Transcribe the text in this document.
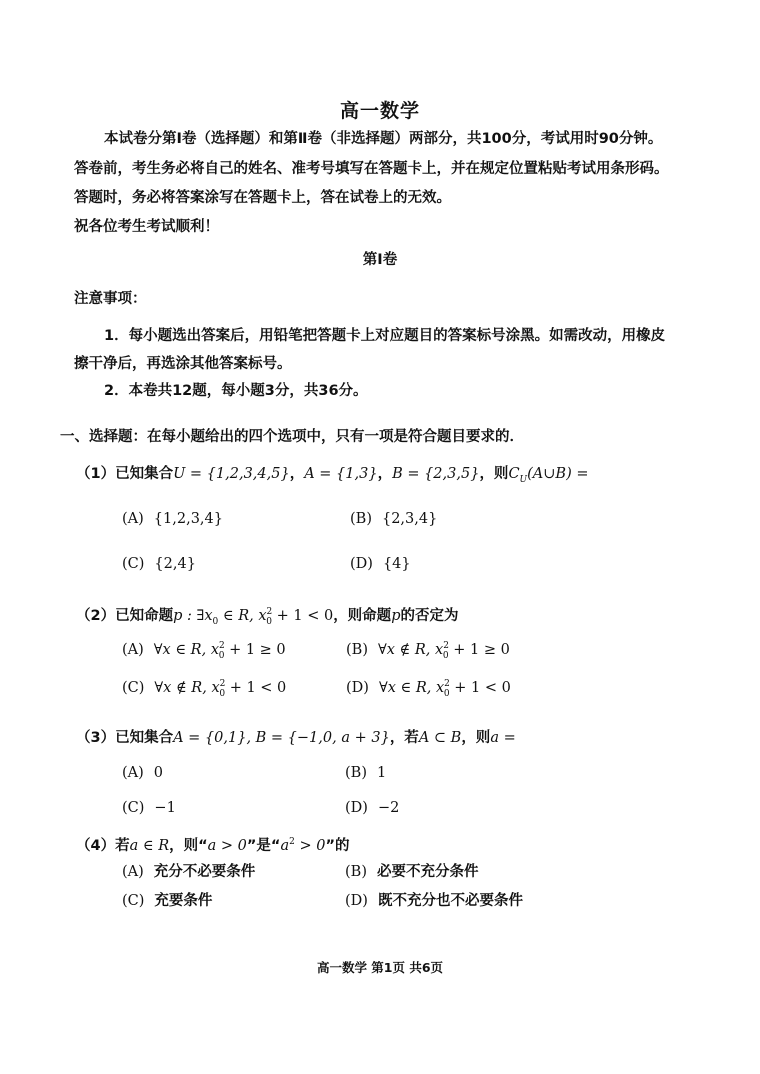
高一数学
本试卷分第Ⅰ卷（选择题）和第Ⅱ卷（非选择题）两部分，共100分，考试用时90分钟。
答卷前，考生务必将自己的姓名、准考号填写在答题卡上，并在规定位置粘贴考试用条形码。
答题时，务必将答案涂写在答题卡上，答在试卷上的无效。
祝各位考生考试顺利！
第Ⅰ卷
注意事项：
1．每小题选出答案后，用铅笔把答题卡上对应题目的答案标号涂黑。如需改动，用橡皮
擦干净后，再选涂其他答案标号。
2．本卷共12题，每小题3分，共36分。
一、选择题：在每小题给出的四个选项中，只有一项是符合题目要求的．
（1）已知集合U = {1,2,3,4,5}，A = {1,3}，B = {2,3,5}，则$C_U(A\cup B)$ =
(A) {1,2,3,4}	(B) {2,3,4}
(C) {2,4}	(D) {4}
（2）已知命题p : $\exists x_0$ ∈ R, $x^2_0 + 1 < 0$，则命题p的否定为
(A) ∀x ∈ R, $x^2_0 + 1 \ge 0$	(B) ∀x ∉ R, $x^2_0 + 1 \ge 0$
(C) ∀x ∉ R, $x^2_0 + 1 < 0$	(D) ∀x ∈ R, $x^2_0 + 1 < 0$
（3）已知集合A = {0,1}, B = {−1,0, a + 3}，若A ⊂ B，则a =
(A) 0	(B) 1
(C) −1	(D) −2
（4）若a ∈ R，则“a > 0”是“$a^2 > 0$”的
(A) 充分不必要条件	(B) 必要不充分条件
(C) 充要条件	(D) 既不充分也不必要条件
高一数学 第1页 共6页
